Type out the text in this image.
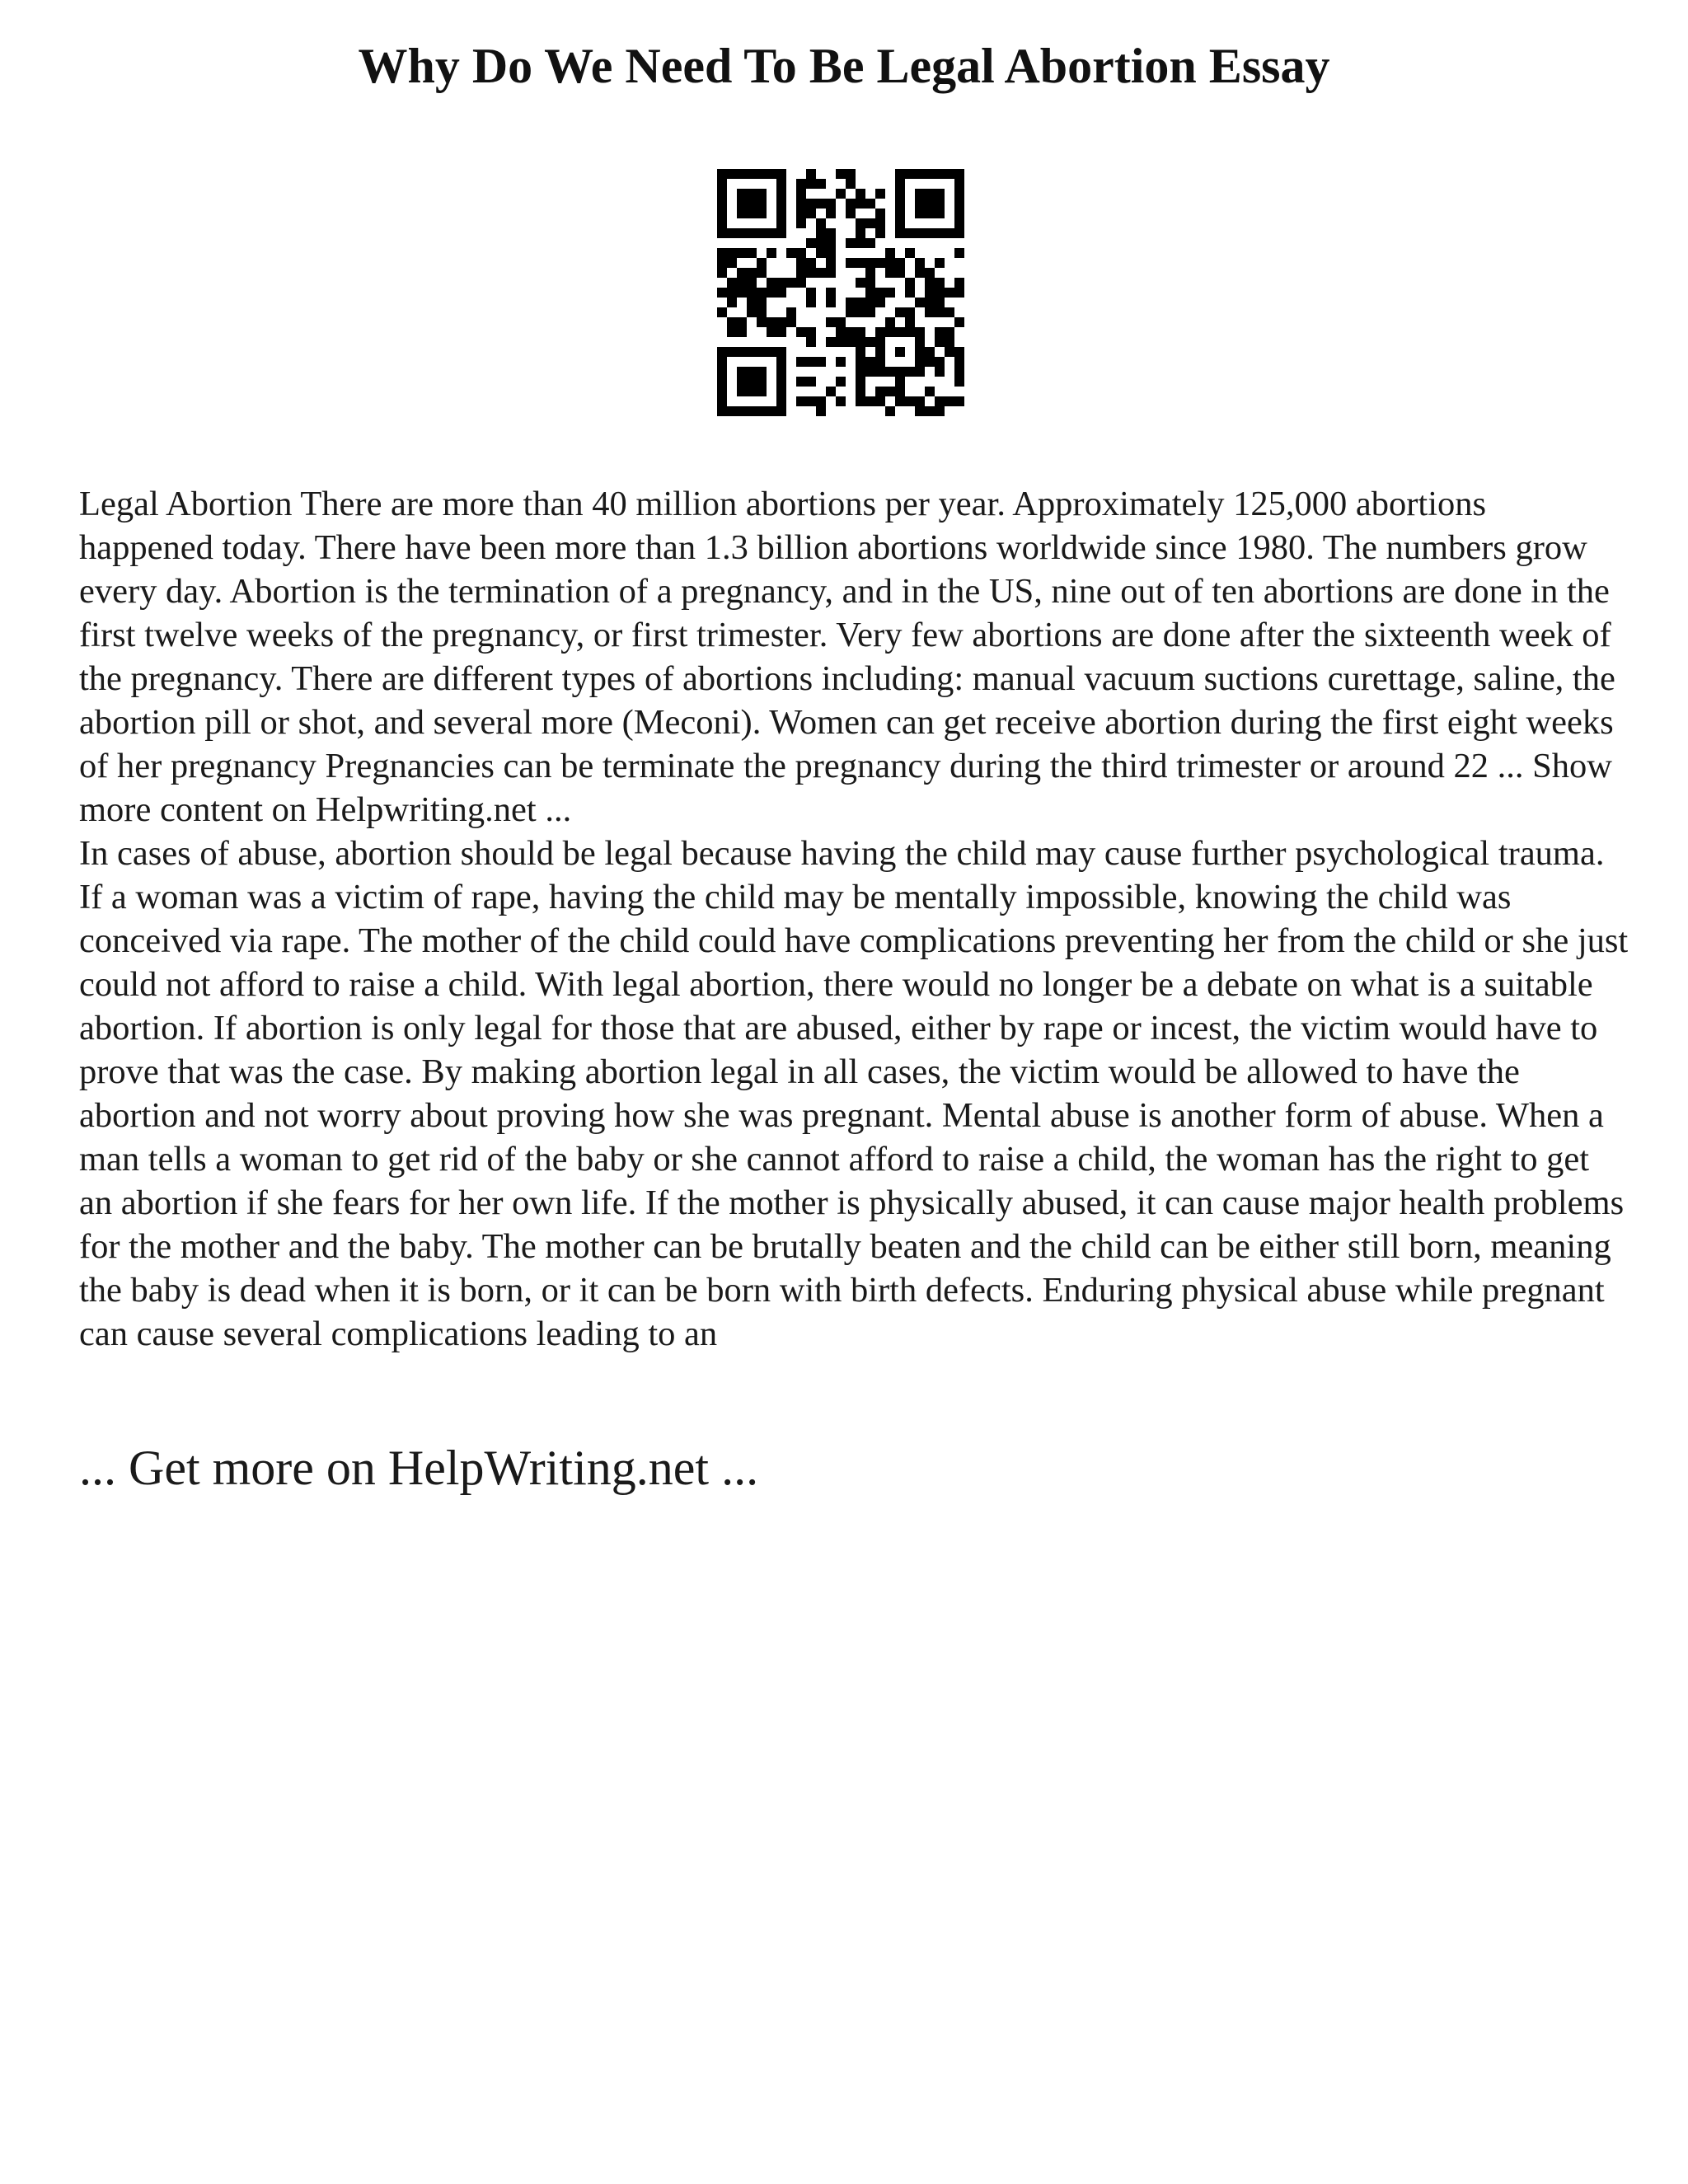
Why Do We Need To Be Legal Abortion Essay

Legal Abortion There are more than 40 million abortions per year. Approximately 125,000 abortions happened today. There have been more than 1.3 billion abortions worldwide since 1980. The numbers grow every day. Abortion is the termination of a pregnancy, and in the US, nine out of ten abortions are done in the first twelve weeks of the pregnancy, or first trimester. Very few abortions are done after the sixteenth week of the pregnancy. There are different types of abortions including: manual vacuum suctions curettage, saline, the abortion pill or shot, and several more (Meconi). Women can get receive abortion during the first eight weeks of her pregnancy Pregnancies can be terminate the pregnancy during the third trimester or around 22 ... Show more content on Helpwriting.net ...

In cases of abuse, abortion should be legal because having the child may cause further psychological trauma. If a woman was a victim of rape, having the child may be mentally impossible, knowing the child was conceived via rape. The mother of the child could have complications preventing her from the child or she just could not afford to raise a child. With legal abortion, there would no longer be a debate on what is a suitable abortion. If abortion is only legal for those that are abused, either by rape or incest, the victim would have to prove that was the case. By making abortion legal in all cases, the victim would be allowed to have the abortion and not worry about proving how she was pregnant. Mental abuse is another form of abuse. When a man tells a woman to get rid of the baby or she cannot afford to raise a child, the woman has the right to get an abortion if she fears for her own life. If the mother is physically abused, it can cause major health problems for the mother and the baby. The mother can be brutally beaten and the child can be either still born, meaning the baby is dead when it is born, or it can be born with birth defects. Enduring physical abuse while pregnant can cause several complications leading to an

... Get more on HelpWriting.net ...
